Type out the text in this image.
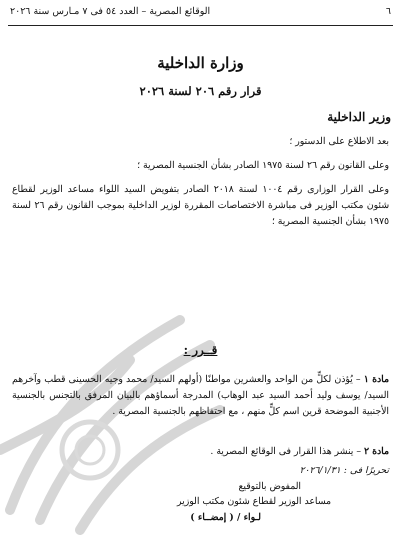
٦
الوقائع المصرية – العدد ٥٤ فى ٧ مـارس سنة ٢٠٢٦
وزارة الداخلية
قرار رقم ٢٠٦ لسنة ٢٠٢٦
وزير الداخلية
بعد الاطلاع على الدستور ؛
وعلى القانون رقم ٢٦ لسنة ١٩٧٥ الصادر بشأن الجنسية المصرية ؛
وعلى القرار الوزارى رقم ١٠٠٤ لسنة ٢٠١٨ الصادر بتفويض السيد اللواء مساعد الوزير لقطاع شئون مكتب الوزير فى مباشرة الاختصاصات المقررة لوزير الداخلية بموجب القانون رقم ٢٦ لسنة ١٩٧٥ بشأن الجنسية المصرية ؛
قــرر :
مادة ١ – يُؤذن لكلٍّ من الواحد والعشرين مواطنًا (أولهم السيد/ محمد وجيه الحسينى قطب وآخرهم السيد/ يوسف وليد أحمد السيد عبد الوهاب) المدرجة أسماؤهم بالبيان المرفق بالتجنس بالجنسية الأجنبية الموضحة قرين اسم كلٍّ منهم ، مع احتفاظهم بالجنسية المصرية .
مادة ٢ – ينشر هذا القرار فى الوقائع المصرية .
تحريرًا فى : ٢٠٢٦/١/٣١
المفوض بالتوقيع
مساعد الوزير لقطاع شئون مكتب الوزير
لـواء / ( إمضــاء )
